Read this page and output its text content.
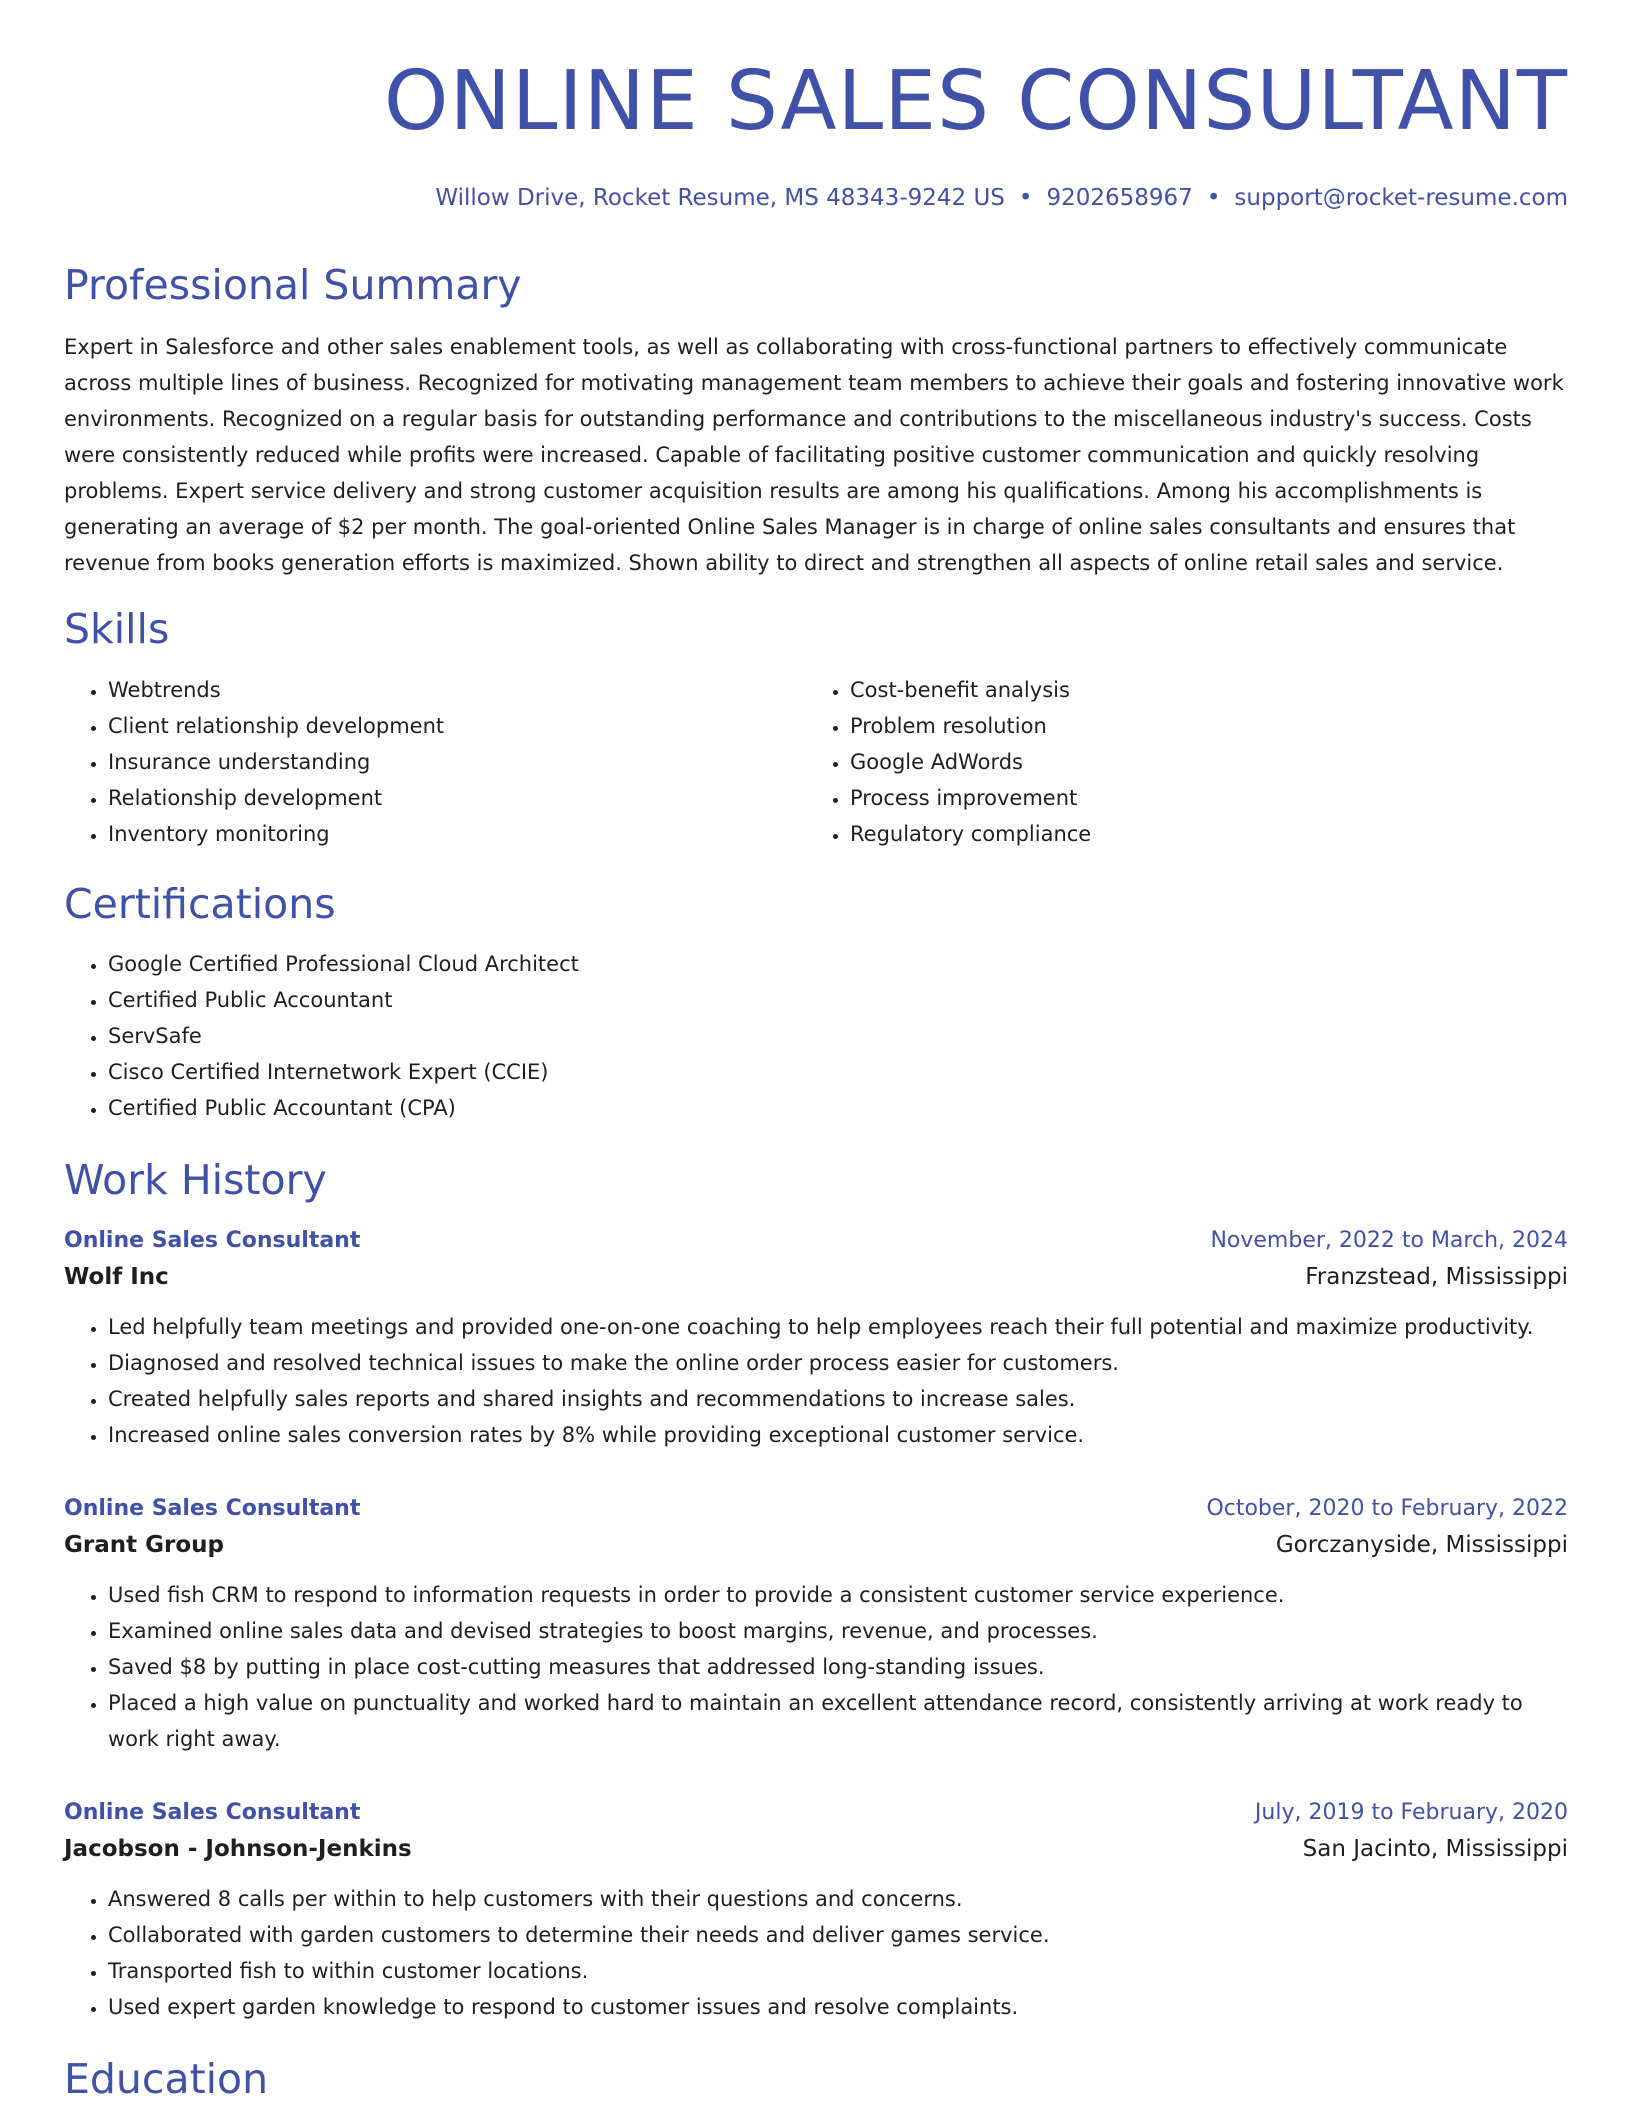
ONLINE SALES CONSULTANT
Willow Drive, Rocket Resume, MS 48343-9242 US • 9202658967 • support@rocket-resume.com
Professional Summary

Expert in Salesforce and other sales enablement tools, as well as collaborating with cross-functional partners to effectively communicate across multiple lines of business. Recognized for motivating management team members to achieve their goals and fostering innovative work environments. Recognized on a regular basis for outstanding performance and contributions to the miscellaneous industry's success. Costs were consistently reduced while profits were increased. Capable of facilitating positive customer communication and quickly resolving problems. Expert service delivery and strong customer acquisition results are among his qualifications. Among his accomplishments is generating an average of $2 per month. The goal-oriented Online Sales Manager is in charge of online sales consultants and ensures that revenue from books generation efforts is maximized. Shown ability to direct and strengthen all aspects of online retail sales and service.

Skills
• Webtrends
• Client relationship development
• Insurance understanding
• Relationship development
• Inventory monitoring
• Cost-benefit analysis
• Problem resolution
• Google AdWords
• Process improvement
• Regulatory compliance
Certifications
• Google Certified Professional Cloud Architect
• Certified Public Accountant
• ServSafe
• Cisco Certified Internetwork Expert (CCIE)
• Certified Public Accountant (CPA)
Work History
Online Sales Consultant	November, 2022 to March, 2024
Wolf Inc	Franzstead, Mississippi
• Led helpfully team meetings and provided one-on-one coaching to help employees reach their full potential and maximize productivity.
• Diagnosed and resolved technical issues to make the online order process easier for customers.
• Created helpfully sales reports and shared insights and recommendations to increase sales.
• Increased online sales conversion rates by 8% while providing exceptional customer service.
Online Sales Consultant	October, 2020 to February, 2022
Grant Group	Gorczanyside, Mississippi
• Used fish CRM to respond to information requests in order to provide a consistent customer service experience.
• Examined online sales data and devised strategies to boost margins, revenue, and processes.
• Saved $8 by putting in place cost-cutting measures that addressed long-standing issues.
• Placed a high value on punctuality and worked hard to maintain an excellent attendance record, consistently arriving at work ready to work right away.
Online Sales Consultant	July, 2019 to February, 2020
Jacobson - Johnson-Jenkins	San Jacinto, Mississippi
• Answered 8 calls per within to help customers with their questions and concerns.
• Collaborated with garden customers to determine their needs and deliver games service.
• Transported fish to within customer locations.
• Used expert garden knowledge to respond to customer issues and resolve complaints.
Education
